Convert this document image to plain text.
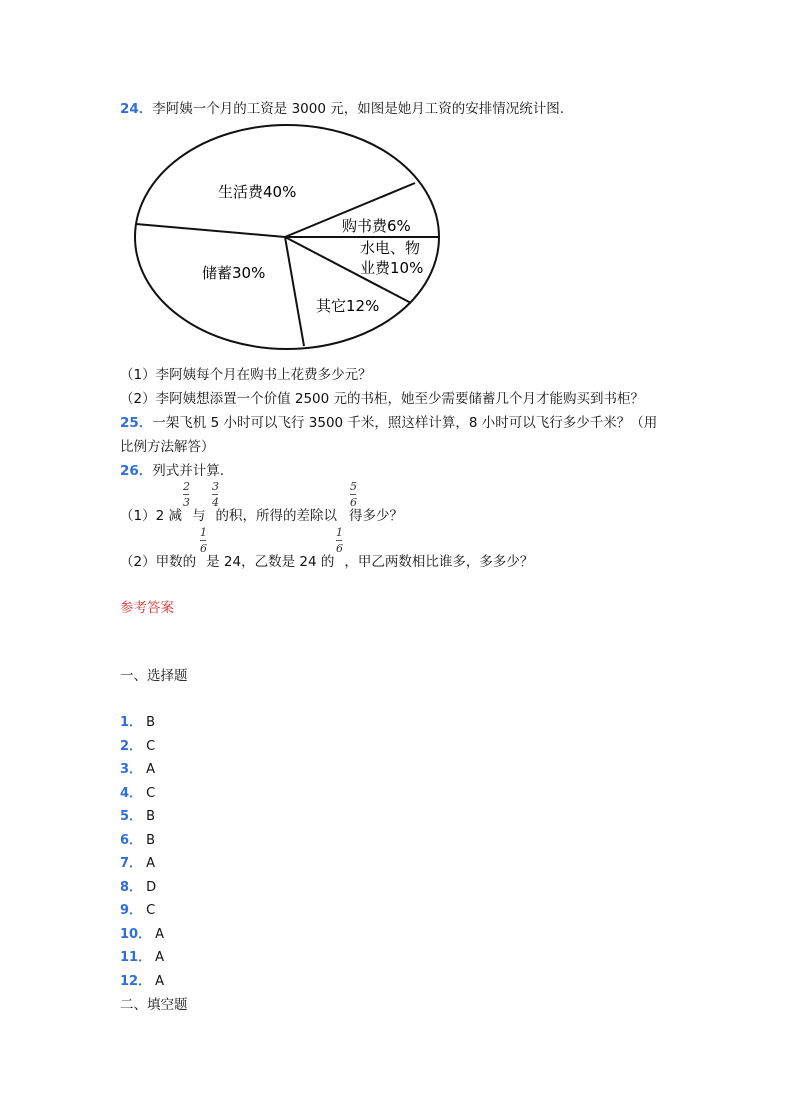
24．李阿姨一个月的工资是 3000 元，如图是她月工资的安排情况统计图.
生活费40%
购书费6%
水电、物
业费10%
其它12%
储蓄30%
（1）李阿姨每个月在购书上花费多少元？
（2）李阿姨想添置一个价值 2500 元的书柜，她至少需要储蓄几个月才能购买到书柜？
25．一架飞机 5 小时可以飞行 3500 千米，照这样计算，8 小时可以飞行多少千米？（用
比例方法解答）
26．列式并计算.
（1）2 减 与 的积，所得的差除以 得多少？
2
3
3
4
5
6
（2）甲数的 是 24，乙数是 24 的 ，甲乙两数相比谁多，多多少？
1
6
1
6
参考答案
一、选择题
1． B
2． C
3． A
4． C
5． B
6． B
7． A
8． D
9． C
10． A
11． A
12． A
二、填空题
